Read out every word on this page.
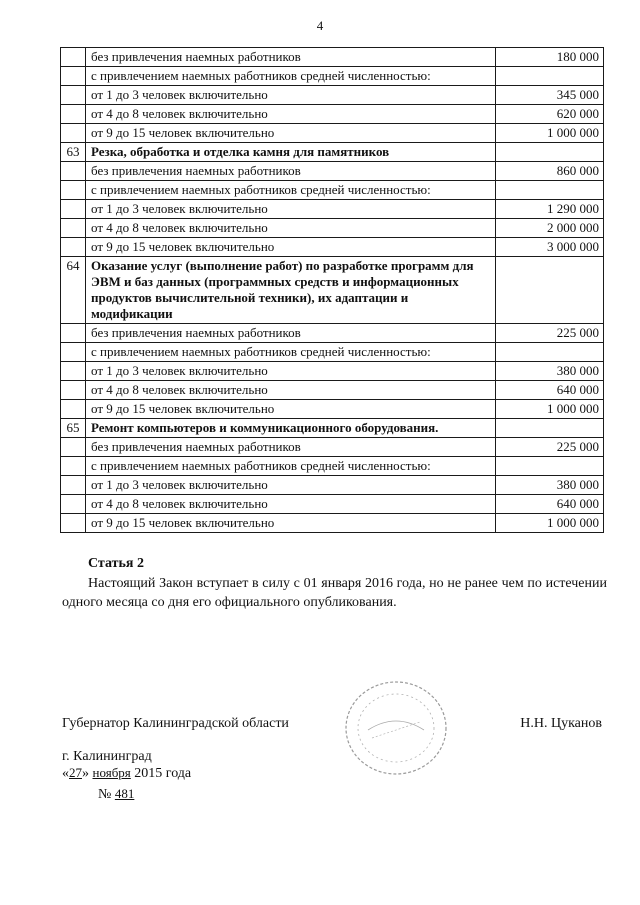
4
	без привлечения наемных работников	180 000
	с привлечением наемных работников средней численностью:	
	от 1 до 3 человек включительно	345 000
	от 4 до 8 человек включительно	620 000
	от 9 до 15 человек включительно	1 000 000
63	Резка, обработка и отделка камня для памятников	
	без привлечения наемных работников	860 000
	с привлечением наемных работников средней численностью:	
	от 1 до 3 человек включительно	1 290 000
	от 4 до 8 человек включительно	2 000 000
	от 9 до 15 человек включительно	3 000 000
64	Оказание услуг (выполнение работ) по разработке программ для ЭВМ и баз данных (программных средств и информационных продуктов вычислительной техники), их адаптации и модификации	
	без привлечения наемных работников	225 000
	с привлечением наемных работников средней численностью:	
	от 1 до 3 человек включительно	380 000
	от 4 до 8 человек включительно	640 000
	от 9 до 15 человек включительно	1 000 000
65	Ремонт компьютеров и коммуникационного оборудования.	
	без привлечения наемных работников	225 000
	с привлечением наемных работников средней численностью:	
	от 1 до 3 человек включительно	380 000
	от 4 до 8 человек включительно	640 000
	от 9 до 15 человек включительно	1 000 000
Статья 2
Настоящий Закон вступает в силу с 01 января 2016 года, но не ранее чем по истечении одного месяца со дня его официального опубликования.
Губернатор Калининградской области	Н.Н. Цуканов
г. Калининград
«27» ноября 2015 года
№ 481
